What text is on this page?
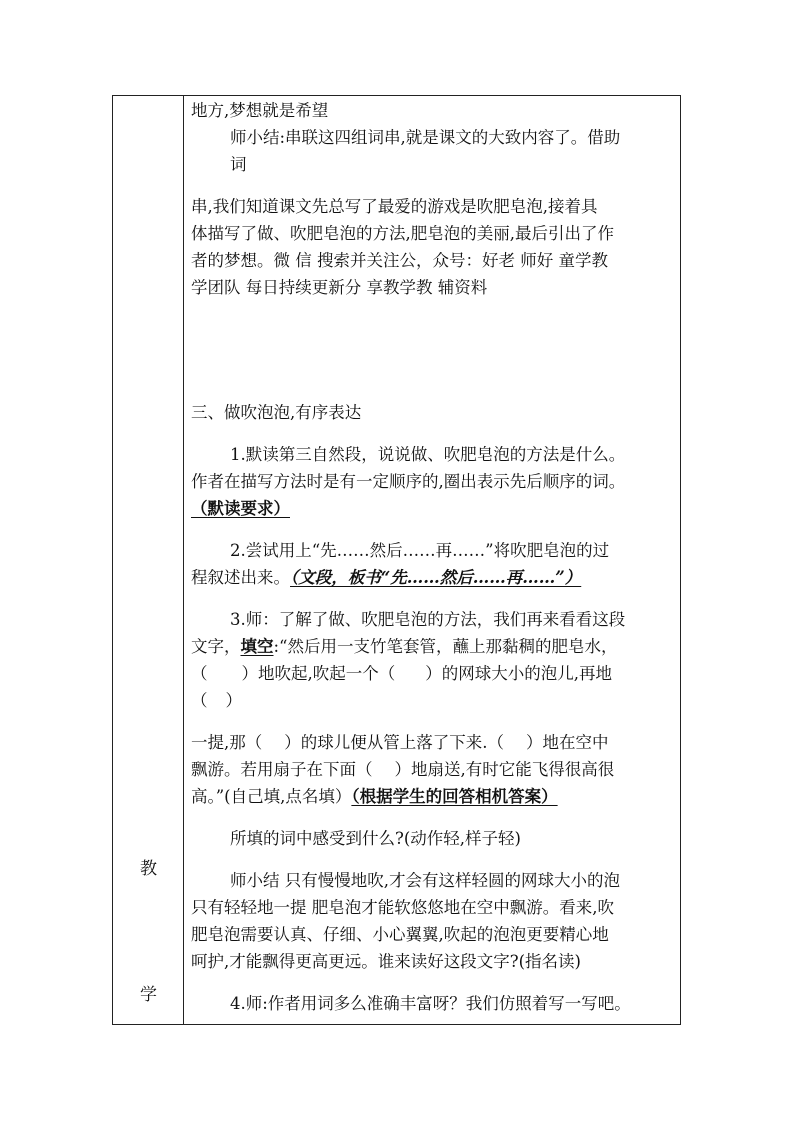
教
学
地方,梦想就是希望
师小结:串联这四组词串,就是课文的大致内容了。借助
词
串,我们知道课文先总写了最爱的游戏是吹肥皂泡,接着具
体描写了做、吹肥皂泡的方法,肥皂泡的美丽,最后引出了作
者的梦想。微 信 搜索并关注公，众号：好老 师好 童学教
学团队 每日持续更新分 享教学教 辅资料
三、做吹泡泡,有序表达
1.默读第三自然段，说说做、吹肥皂泡的方法是什么。
作者在描写方法时是有一定顺序的,圈出表示先后顺序的词。
（默读要求）
2.尝试用上“先……然后……再……”将吹肥皂泡的过
程叙述出来。（文段，板书“先……然后……再……”）
3.师：了解了做、吹肥皂泡的方法，我们再来看看这段
文字，填空:“然后用一支竹笔套管，蘸上那黏稠的肥皂水，
（ ）地吹起,吹起一个（ ）的网球大小的泡儿,再地
（ ）
一提,那（ ）的球儿便从管上落了下来.（ ）地在空中
飘游。若用扇子在下面（ ）地扇送,有时它能飞得很高很
高。”(自己填,点名填）（根据学生的回答相机答案）
所填的词中感受到什么?(动作轻,样子轻)
师小结 只有慢慢地吹,才会有这样轻圆的网球大小的泡
只有轻轻地一提 肥皂泡才能软悠悠地在空中飘游。看来,吹
肥皂泡需要认真、仔细、小心翼翼,吹起的泡泡更要精心地
呵护,才能飘得更高更远。谁来读好这段文字?(指名读)
4.师:作者用词多么准确丰富呀？我们仿照着写一写吧。
